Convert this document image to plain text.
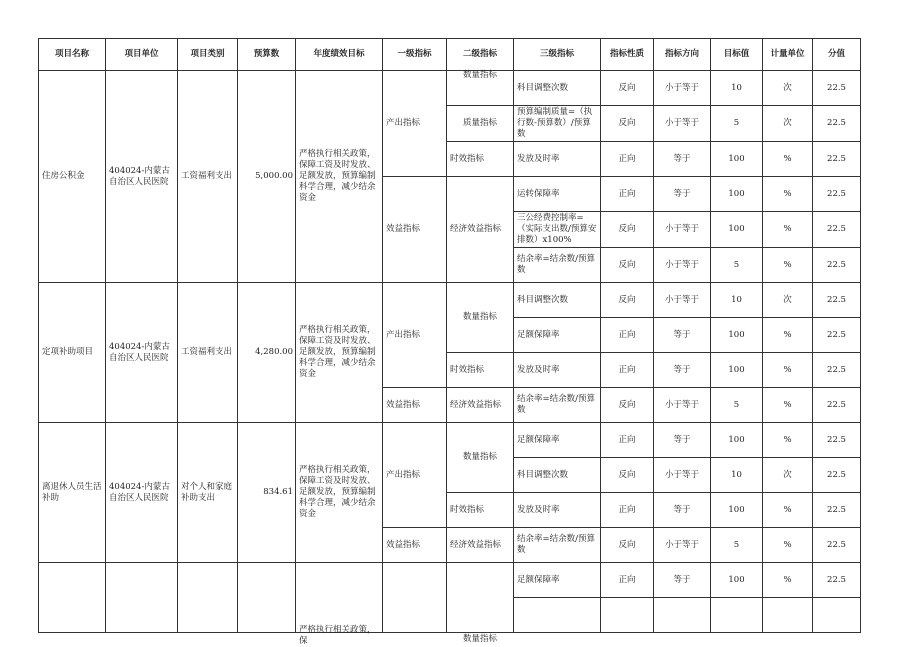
项目名称	项目单位	项目类别	预算数	年度绩效目标	一级指标	二级指标	三级指标	指标性质	指标方向	目标值	计量单位	分值
住房公积金	404024-内蒙古自治区人民医院	工资福利支出	5,000.00	严格执行相关政策，保障工资及时发放、足额发放，预算编制科学合理，减少结余资金	产出指标	数量指标	科目调整次数	反向	小于等于	10	次	22.5
						质量指标	预算编制质量=（执行数-预算数）/预算数	反向	小于等于	5	次	22.5
						时效指标	发放及时率	正向	等于	100	%	22.5
					效益指标	经济效益指标	运转保障率	正向	等于	100	%	22.5
							三公经费控制率=（实际支出数/预算安排数）x100%	反向	小于等于	100	%	22.5
							结余率=结余数/预算数	反向	小于等于	5	%	22.5
定项补助项目	404024-内蒙古自治区人民医院	工资福利支出	4,280.00	严格执行相关政策，保障工资及时发放、足额发放，预算编制科学合理，减少结余资金	产出指标	数量指标	科目调整次数	反向	小于等于	10	次	22.5
							足额保障率	正向	等于	100	%	22.5
						时效指标	发放及时率	正向	等于	100	%	22.5
					效益指标	经济效益指标	结余率=结余数/预算数	反向	小于等于	5	%	22.5
离退休人员生活补助	404024-内蒙古自治区人民医院	对个人和家庭补助支出	834.61	严格执行相关政策，保障工资及时发放、足额发放，预算编制科学合理，减少结余资金	产出指标	数量指标	足额保障率	正向	等于	100	%	22.5
							科目调整次数	反向	小于等于	10	次	22.5
						时效指标	发放及时率	正向	等于	100	%	22.5
					效益指标	经济效益指标	结余率=结余数/预算数	反向	小于等于	5	%	22.5
				严格执行相关政策，保		数量指标	足额保障率	正向	等于	100	%	22.5
